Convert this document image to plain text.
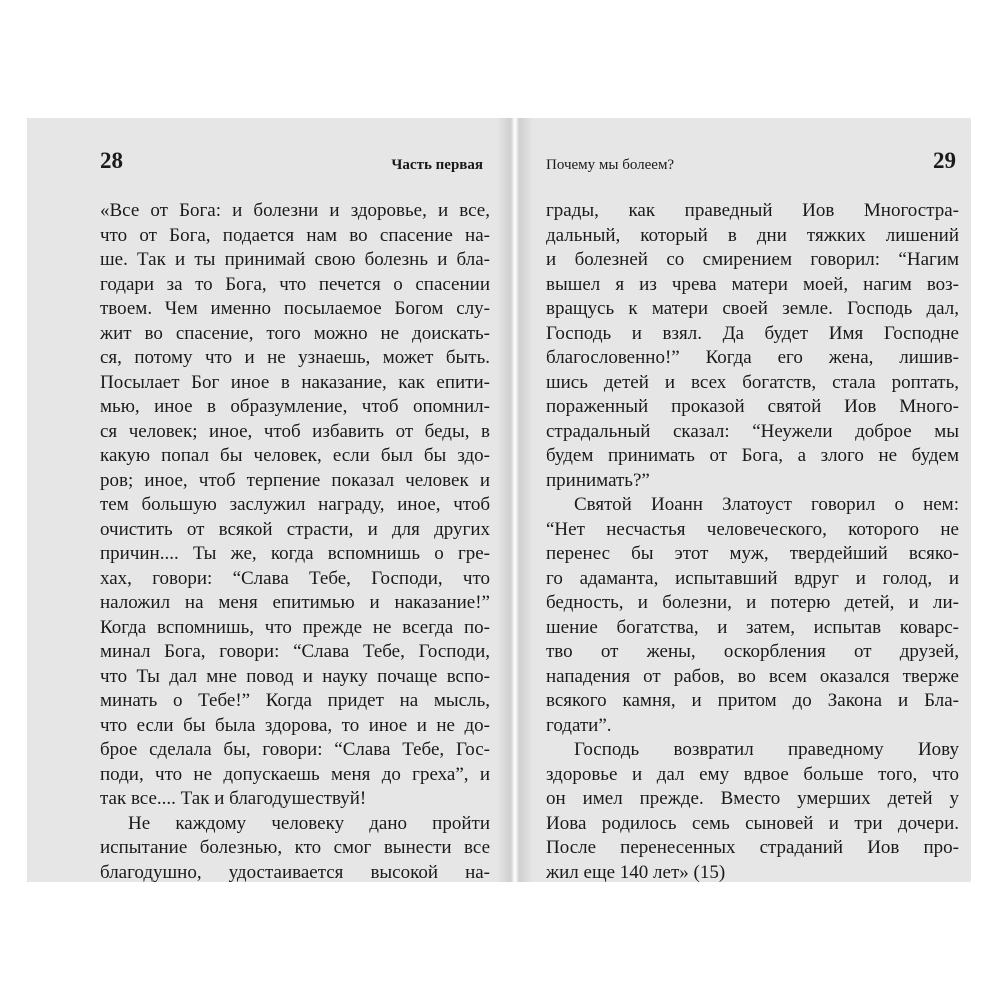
28	Часть первая
«Все от Бога: и болезни и здоровье, и все,
что от Бога, подается нам во спасение на-
ше. Так и ты принимай свою болезнь и бла-
годари за то Бога, что печется о спасении
твоем. Чем именно посылаемое Богом слу-
жит во спасение, того можно не доискать-
ся, потому что и не узнаешь, может быть.
Посылает Бог иное в наказание, как епити-
мью, иное в образумление, чтоб опомнил-
ся человек; иное, чтоб избавить от беды, в
какую попал бы человек, если был бы здо-
ров; иное, чтоб терпение показал человек и
тем большую заслужил награду, иное, чтоб
очистить от всякой страсти, и для других
причин.... Ты же, когда вспомнишь о гре-
хах, говори: “Слава Тебе, Господи, что
наложил на меня епитимью и наказание!”
Когда вспомнишь, что прежде не всегда по-
минал Бога, говори: “Слава Тебе, Господи,
что Ты дал мне повод и науку почаще вспо-
минать о Тебе!” Когда придет на мысль,
что если бы была здорова, то иное и не до-
брое сделала бы, говори: “Слава Тебе, Гос-
поди, что не допускаешь меня до греха”, и
так все.... Так и благодушествуй!
Не каждому человеку дано пройти
испытание болезнью, кто смог вынести все
благодушно, удостаивается высокой на-
Почему мы болеем?	29
грады, как праведный Иов Многостра-
дальный, который в дни тяжких лишений
и болезней со смирением говорил: “Нагим
вышел я из чрева матери моей, нагим воз-
вращусь к матери своей земле. Господь дал,
Господь и взял. Да будет Имя Господне
благословенно!” Когда его жена, лишив-
шись детей и всех богатств, стала роптать,
пораженный проказой святой Иов Много-
страдальный сказал: “Неужели доброе мы
будем принимать от Бога, а злого не будем
принимать?”
Святой Иоанн Златоуст говорил о нем:
“Нет несчастья человеческого, которого не
перенес бы этот муж, твердейший всяко-
го адаманта, испытавший вдруг и голод, и
бедность, и болезни, и потерю детей, и ли-
шение богатства, и затем, испытав коварс-
тво от жены, оскорбления от друзей,
нападения от рабов, во всем оказался тверже
всякого камня, и притом до Закона и Бла-
годати”.
Господь возвратил праведному Иову
здоровье и дал ему вдвое больше того, что
он имел прежде. Вместо умерших детей у
Иова родилось семь сыновей и три дочери.
После перенесенных страданий Иов про-
жил еще 140 лет» (15)
